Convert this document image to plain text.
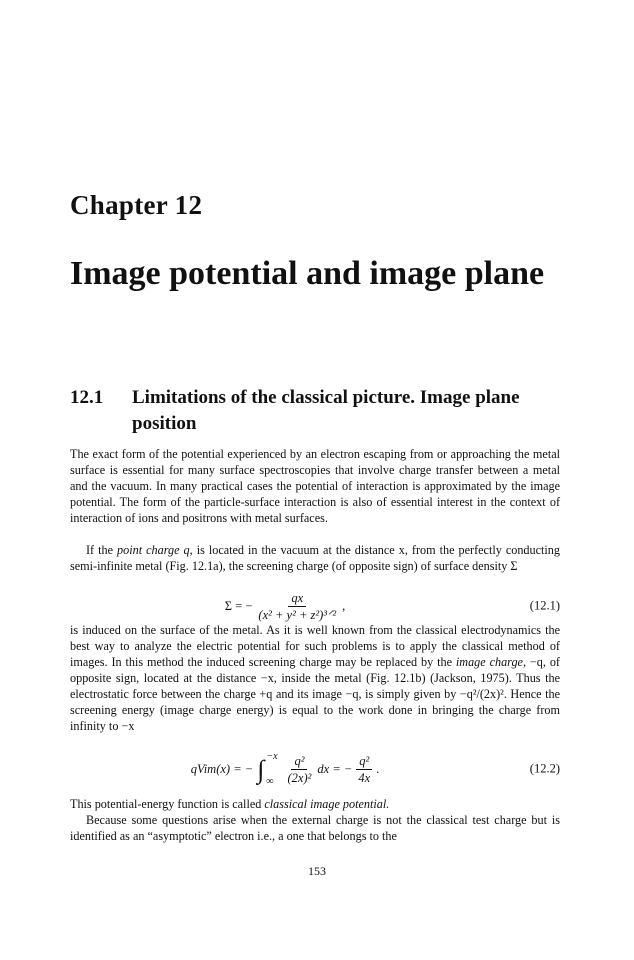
Chapter 12
Image potential and image plane
12.1 Limitations of the classical picture. Image plane position
The exact form of the potential experienced by an electron escaping from or approaching the metal surface is essential for many surface spectroscopies that involve charge transfer between a metal and the vacuum. In many practical cases the potential of interaction is approximated by the image potential. The form of the particle-surface interaction is also of essential interest in the context of interaction of ions and positrons with metal surfaces.
If the point charge q, is located in the vacuum at the distance x, from the perfectly conducting semi-infinite metal (Fig. 12.1a), the screening charge (of opposite sign) of surface density Σ
Σ = − $\frac{qx}{\text{(x² + y² + z²)³ᐟ²}}$ ,	(12.1)
is induced on the surface of the metal. As it is well known from the classical electrodynamics the best way to analyze the electric potential for such problems is to apply the classical method of images. In this method the induced screening charge may be replaced by the image charge, −q, of opposite sign, located at the distance −x, inside the metal (Fig. 12.1b) (Jackson, 1975). Thus the electrostatic force between the charge +q and its image −q, is simply given by −q²/(2x)². Hence the screening energy (image charge energy) is equal to the work done in bringing the charge from infinity to −x
qVim(x) = − ∫ −x
∞ $\frac{\text{q²}}{\text{(2x)²}}$ dx = − $\frac{\text{q²}}{4x}$ .	(12.2)
This potential-energy function is called classical image potential.
Because some questions arise when the external charge is not the classical test charge but is identified as an “asymptotic” electron i.e., a one that belongs to the
153
